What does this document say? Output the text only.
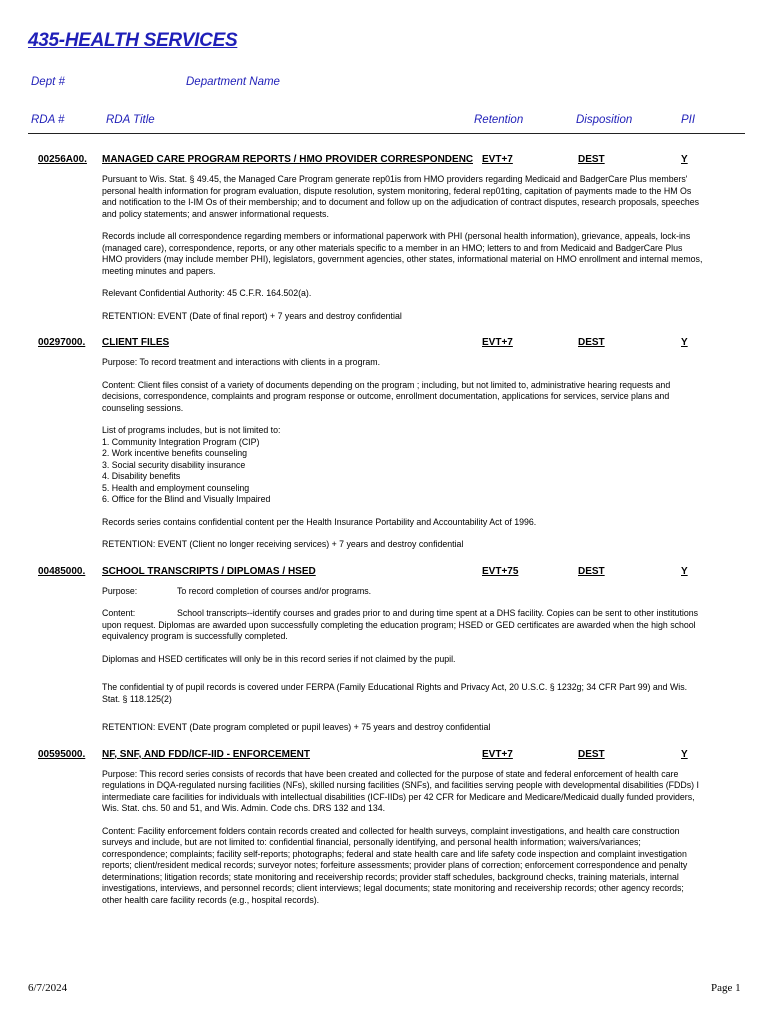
435-HEALTH SERVICES
Dept #	Department Name
RDA #	RDA Title	Retention	Disposition	PII
00256A00. MANAGED CARE PROGRAM REPORTS / HMO PROVIDER CORRESPONDENC EVT+7	DEST	Y

Pursuant to Wis. Stat. § 49.45, the Managed Care Program generate rep01is from HMO providers regarding Medicaid and BadgerCare Plus members' personal health information for program evaluation, dispute resolution, system monitoring, federal rep01ting, capitation of payments made to the HM Os and notification to the I-IM Os of their membership; and to document and follow up on the adjudication of contract disputes, research proposals, speeches and policy statements; and answer informational requests.

Records include all correspondence regarding members or informational paperwork with PHI (personal health information), grievance, appeals, lock-ins (managed care), correspondence, reports, or any other materials specific to a member in an HMO; letters to and from Medicaid and BadgerCare Plus HMO providers (may include member PHI), legislators, government agencies, other states, informational material on HMO enrollment and internal memos, meeting minutes and papers.

Relevant Confidential Authority: 45 C.F.R. 164.502(a).

RETENTION: EVENT (Date of final report) + 7 years and destroy confidential

00297000. CLIENT FILES	EVT+7	DEST	Y

Purpose: To record treatment and interactions with clients in a program.

Content: Client files consist of a variety of documents depending on the program ; including, but not limited to, administrative hearing requests and decisions, correspondence, complaints and program response or outcome, enrollment documentation, applications for services, service plans and counseling sessions.

List of programs includes, but is not limited to:
1. Community Integration Program (CIP)
2. Work incentive benefits counseling
3. Social security disability insurance
4. Disability benefits
5. Health and employment counseling
6. Office for the Blind and Visually Impaired

Records series contains confidential content per the Health Insurance Portability and Accountability Act of 1996.

RETENTION: EVENT (Client no longer receiving services) + 7 years and destroy confidential

00485000. SCHOOL TRANSCRIPTS / DIPLOMAS / HSED	EVT+75	DEST	Y

Purpose:	To record completion of courses and/or programs.

Content:	School transcripts--identify courses and grades prior to and during time spent at a DHS facility. Copies can be sent to other institutions upon request. Diplomas are awarded upon successfully completing the education program; HSED or GED certificates are awarded when the high school equivalency program is successfully completed.

Diplomas and HSED certificates will only be in this record series if not claimed by the pupil.

The confidential ty of pupil records is covered under FERPA (Family Educational Rights and Privacy Act, 20 U.S.C. § 1232g; 34 CFR Part 99) and Wis. Stat. § 118.125(2)

RETENTION: EVENT (Date program completed or pupil leaves) + 75 years and destroy confidential

00595000. NF, SNF, AND FDD/ICF-IID - ENFORCEMENT	EVT+7	DEST	Y

Purpose: This record series consists of records that have been created and collected for the purpose of state and federal enforcement of health care regulations in DQA-regulated nursing facilities (NFs), skilled nursing facilities (SNFs), and facilities serving people with developmental disabilities (FDDs) I intermediate care facilities for individuals with intellectual disabilities (ICF-IIDs) per 42 CFR for Medicare and Medicare/Medicaid dually funded providers, Wis. Stat. chs. 50 and 51, and Wis. Admin. Code chs. DRS 132 and 134.

Content: Facility enforcement folders contain records created and collected for health surveys, complaint investigations, and health care construction surveys and include, but are not limited to: confidential financial, personally identifying, and personal health information; waivers/variances; correspondence; complaints; facility self-reports; photographs; federal and state health care and life safety code inspection and complaint investigation reports; client/resident medical records; surveyor notes; forfeiture assessments; provider plans of correction; enforcement correspondence and penalty determinations; litigation records; state monitoring and receivership records; provider staff schedules, background checks, training materials, internal investigations, interviews, and personnel records; client interviews; legal documents; state monitoring and receivership records; other agency records; other health care facility records (e.g., hospital records).

6/7/2024	Page 1
